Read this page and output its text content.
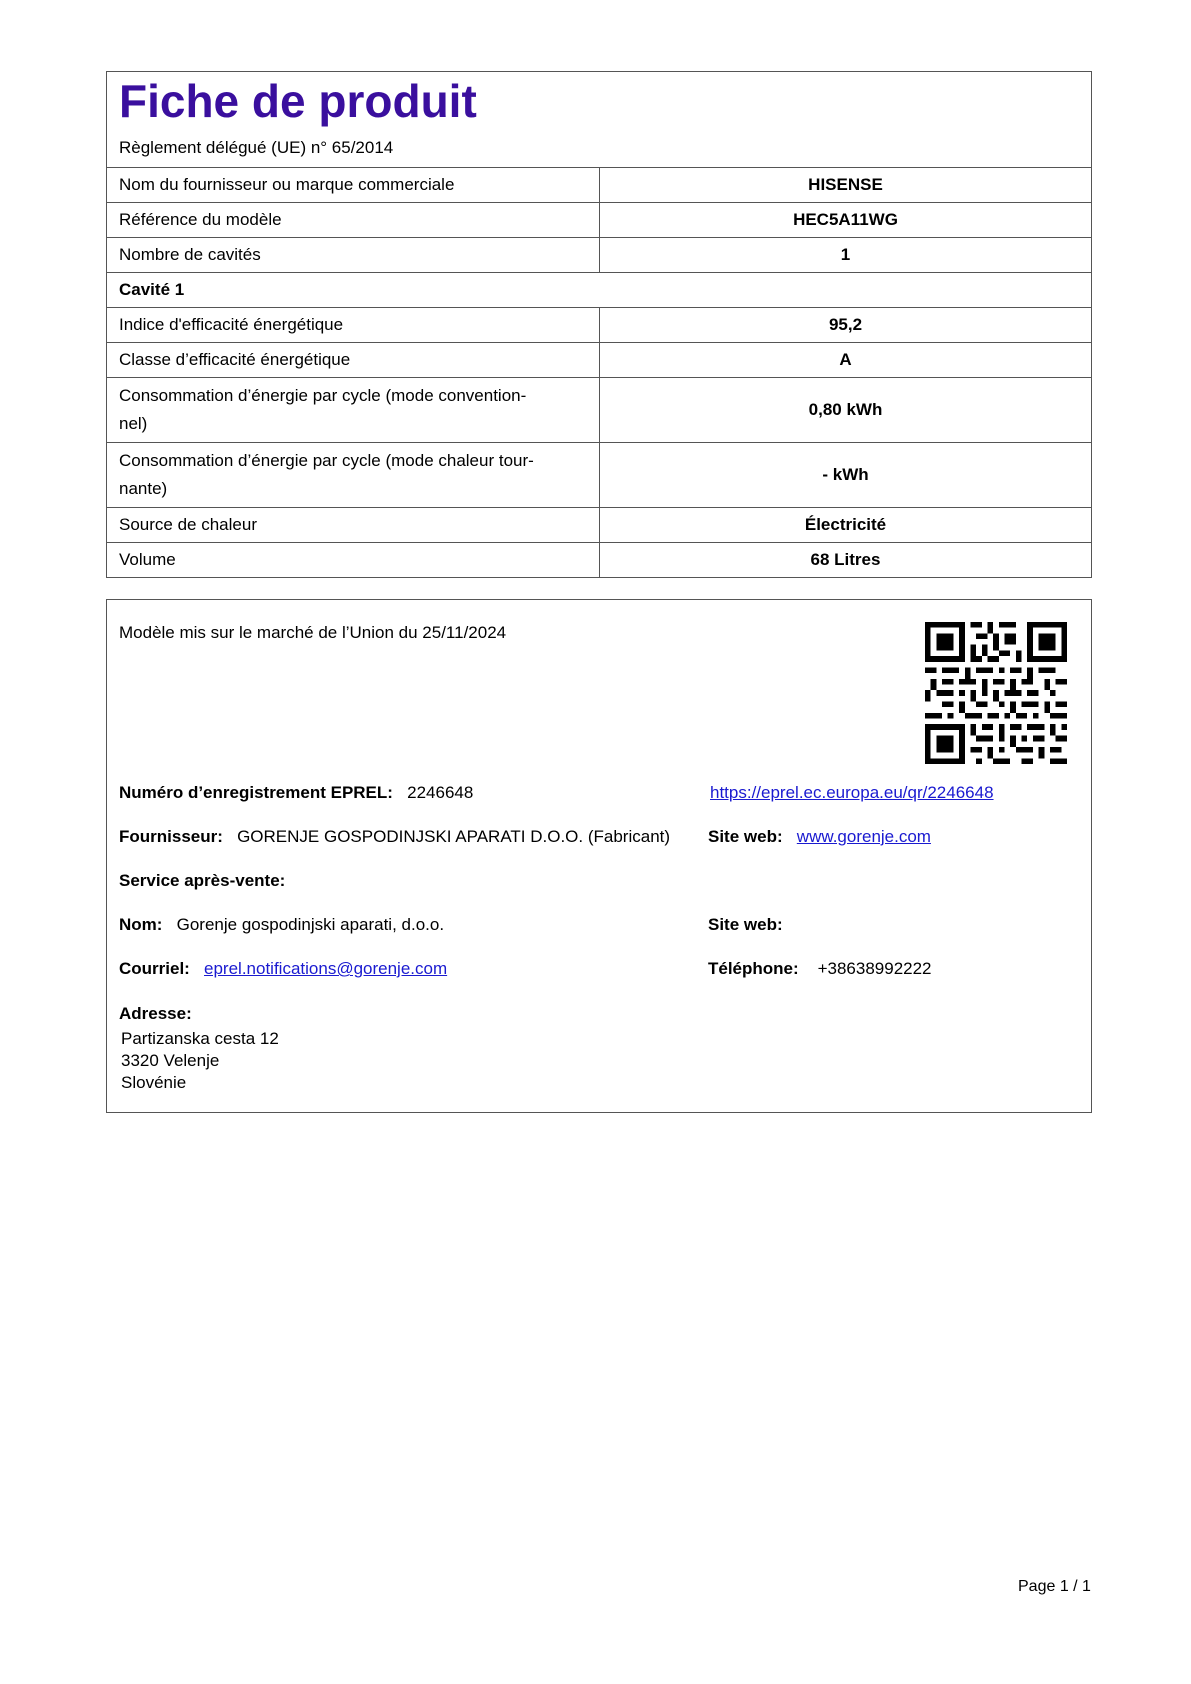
Fiche de produit
Règlement délégué (UE) n° 65/2014
Nom du fournisseur ou marque commerciale	HISENSE
Référence du modèle	HEC5A11WG
Nombre de cavités	1
Cavité 1	
Indice d'efficacité énergétique	95,2
Classe d’efficacité énergétique	A
Consommation d’énergie par cycle (mode convention-
nel)	0,80 kWh
Consommation d’énergie par cycle (mode chaleur tour-
nante)	- kWh
Source de chaleur	Électricité
Volume	68 Litres
Modèle mis sur le marché de l’Union du 25/11/2024
Numéro d’enregistrement EPREL: 2246648	https://eprel.ec.europa.eu/qr/2246648
Fournisseur: GORENJE GOSPODINJSKI APARATI D.O.O. (Fabricant) Site web: www.gorenje.com
Service après-vente:
Nom: Gorenje gospodinjski aparati, d.o.o.	Site web:
Courriel: eprel.notifications@gorenje.com	Téléphone: +38638992222
Adresse:
Partizanska cesta 12
3320 Velenje
Slovénie
Page 1 / 1
